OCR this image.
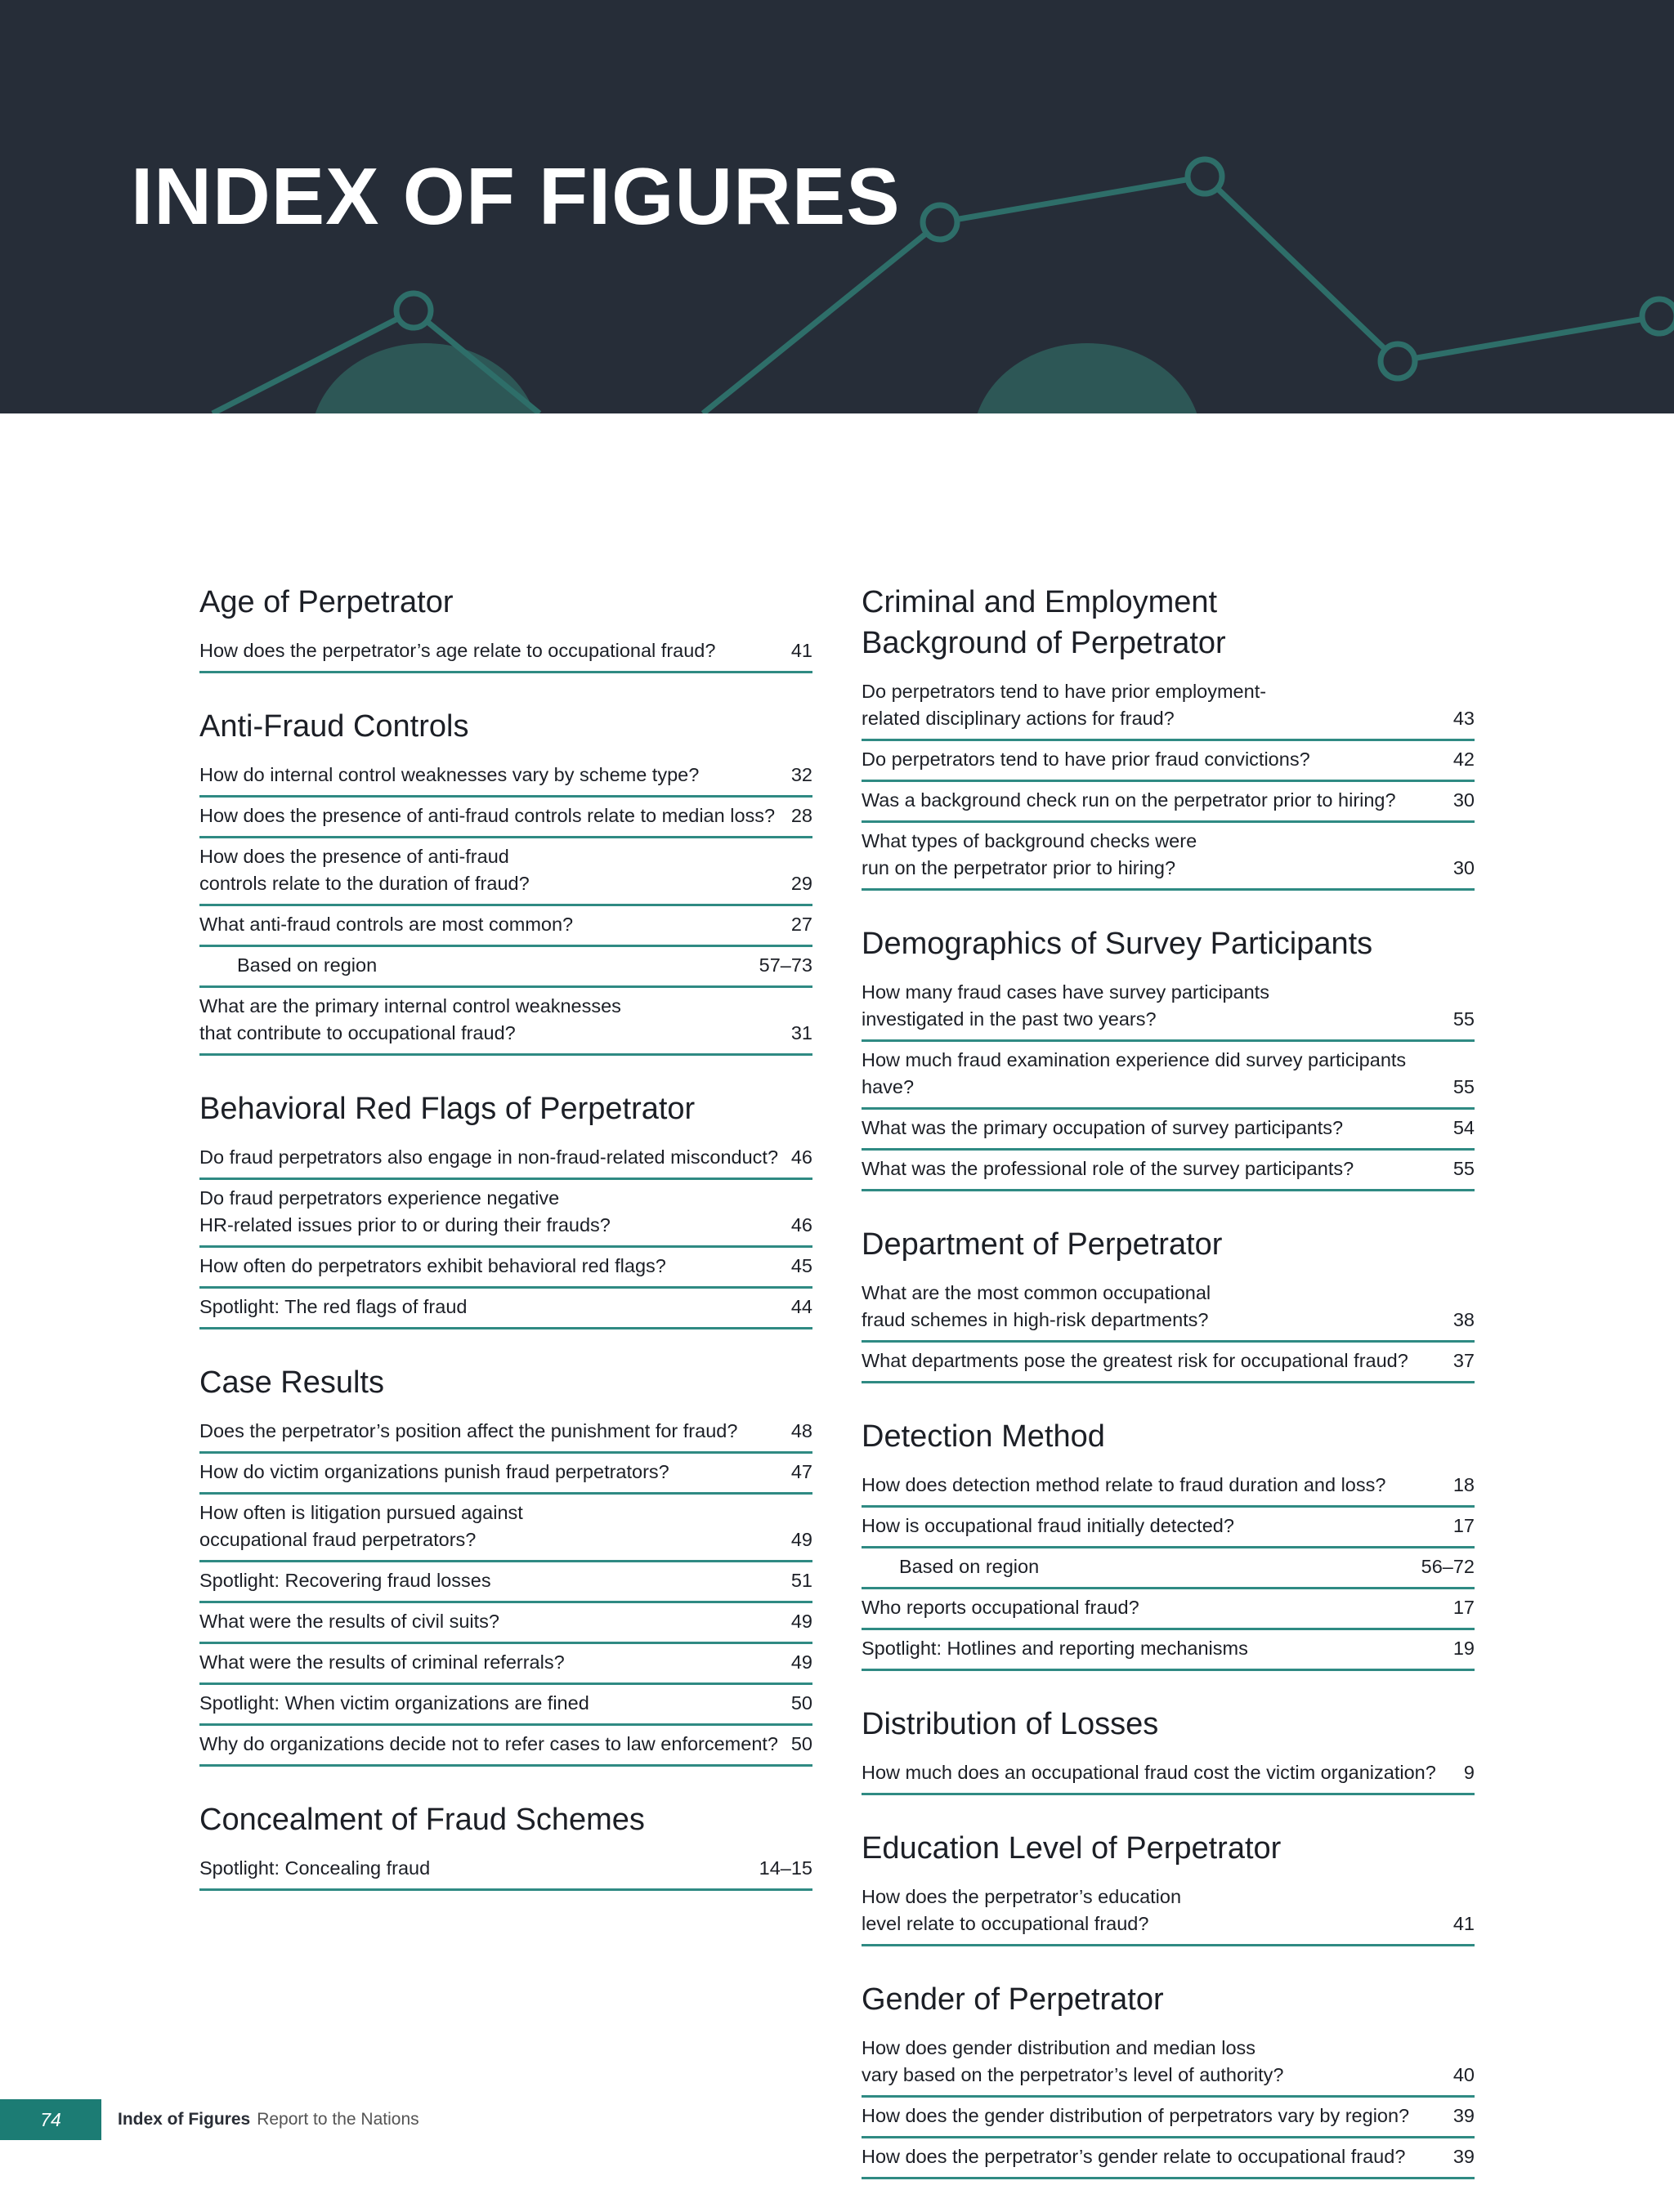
INDEX OF FIGURES
Age of Perpetrator
How does the perpetrator’s age relate to occupational fraud?	41
Anti-Fraud Controls
How do internal control weaknesses vary by scheme type?	32
How does the presence of anti-fraud controls relate to median loss? 28
How does the presence of anti-fraud
controls relate to the duration of fraud?	29
What anti-fraud controls are most common?	27
Based on region	57–73
What are the primary internal control weaknesses
that contribute to occupational fraud?	31
Behavioral Red Flags of Perpetrator
Do fraud perpetrators also engage in non-fraud-related misconduct? 46
Do fraud perpetrators experience negative
HR-related issues prior to or during their frauds?	46
How often do perpetrators exhibit behavioral red flags?	45
Spotlight: The red flags of fraud	44
Case Results
Does the perpetrator’s position affect the punishment for fraud?	48
How do victim organizations punish fraud perpetrators?	47
How often is litigation pursued against
occupational fraud perpetrators?	49
Spotlight: Recovering fraud losses	51
What were the results of civil suits?	49
What were the results of criminal referrals?	49
Spotlight: When victim organizations are fined	50
Why do organizations decide not to refer cases to law enforcement? 50
Concealment of Fraud Schemes
Spotlight: Concealing fraud	14–15
Criminal and Employment
Background of Perpetrator
Do perpetrators tend to have prior employment-
related disciplinary actions for fraud?	43
Do perpetrators tend to have prior fraud convictions?	42
Was a background check run on the perpetrator prior to hiring?	30
What types of background checks were
run on the perpetrator prior to hiring?	30
Demographics of Survey Participants
How many fraud cases have survey participants
investigated in the past two years?	55
How much fraud examination experience did survey participants have?	55
What was the primary occupation of survey participants?	54
What was the professional role of the survey participants?	55
Department of Perpetrator
What are the most common occupational
fraud schemes in high-risk departments?	38
What departments pose the greatest risk for occupational fraud?	37
Detection Method
How does detection method relate to fraud duration and loss?	18
How is occupational fraud initially detected?	17
Based on region	56–72
Who reports occupational fraud?	17
Spotlight: Hotlines and reporting mechanisms	19
Distribution of Losses
How much does an occupational fraud cost the victim organization?	9
Education Level of Perpetrator
How does the perpetrator’s education
level relate to occupational fraud?	41
Gender of Perpetrator
How does gender distribution and median loss
vary based on the perpetrator’s level of authority?	40
How does the gender distribution of perpetrators vary by region?	39
How does the perpetrator’s gender relate to occupational fraud?	39
74	Index of Figures Report to the Nations
